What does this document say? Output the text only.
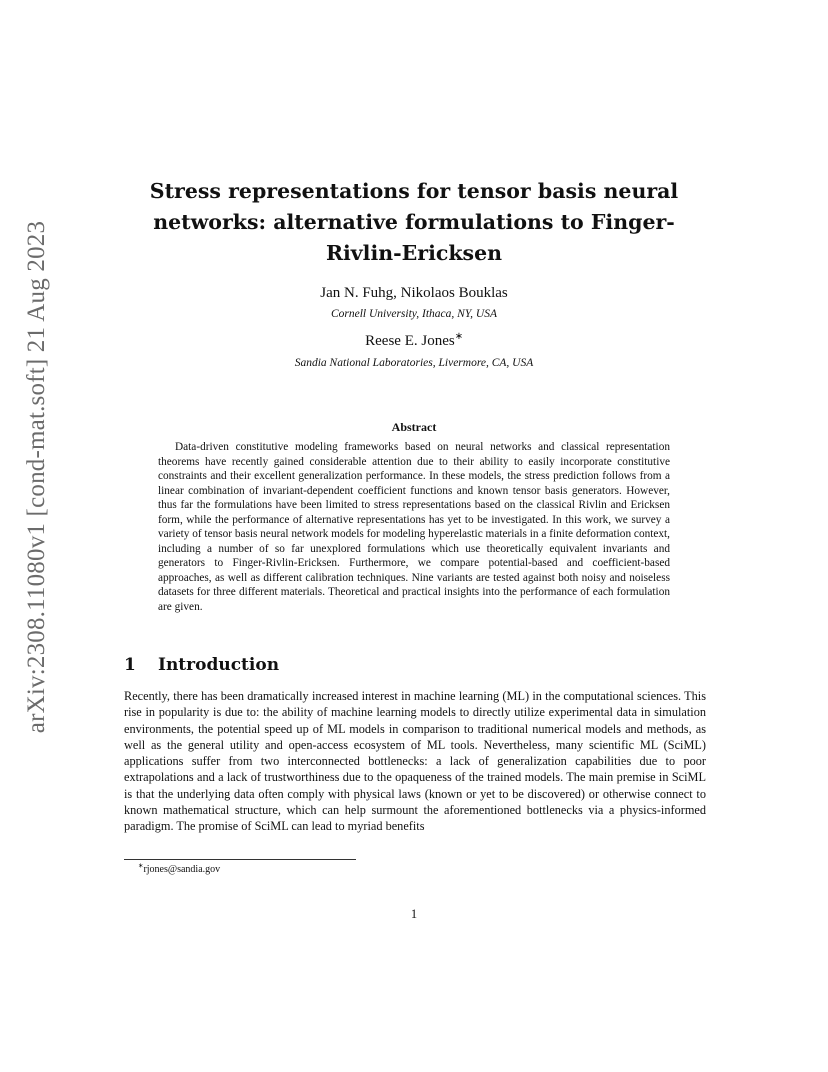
arXiv:2308.11080v1 [cond-mat.soft] 21 Aug 2023
Stress representations for tensor basis neural networks: alternative formulations to Finger-Rivlin-Ericksen
Jan N. Fuhg, Nikolaos Bouklas
Cornell University, Ithaca, NY, USA
Reese E. Jones∗
Sandia National Laboratories, Livermore, CA, USA
Abstract

Data-driven constitutive modeling frameworks based on neural networks and classical representation theorems have recently gained considerable attention due to their ability to easily incorporate constitutive constraints and their excellent generalization performance. In these models, the stress prediction follows from a linear combination of invariant-dependent coefficient functions and known tensor basis generators. However, thus far the formulations have been limited to stress representations based on the classical Rivlin and Ericksen form, while the performance of alternative representations has yet to be investigated. In this work, we survey a variety of tensor basis neural network models for modeling hyperelastic materials in a finite deformation context, including a number of so far unexplored formulations which use theoretically equivalent invariants and generators to Finger-Rivlin-Ericksen. Furthermore, we compare potential-based and coefficient-based approaches, as well as different calibration techniques. Nine variants are tested against both noisy and noiseless datasets for three different materials. Theoretical and practical insights into the performance of each formulation are given.

1 Introduction

Recently, there has been dramatically increased interest in machine learning (ML) in the computational sciences. This rise in popularity is due to: the ability of machine learning models to directly utilize experimental data in simulation environments, the potential speed up of ML models in comparison to traditional numerical models and methods, as well as the general utility and open-access ecosystem of ML tools. Nevertheless, many scientific ML (SciML) applications suffer from two interconnected bottlenecks: a lack of generalization capabilities due to poor extrapolations and a lack of trustworthiness due to the opaqueness of the trained models. The main premise in SciML is that the underlying data often comply with physical laws (known or yet to be discovered) or otherwise connect to known mathematical structure, which can help surmount the aforementioned bottlenecks via a physics-informed paradigm. The promise of SciML can lead to myriad benefits

∗rjones@sandia.gov
1
